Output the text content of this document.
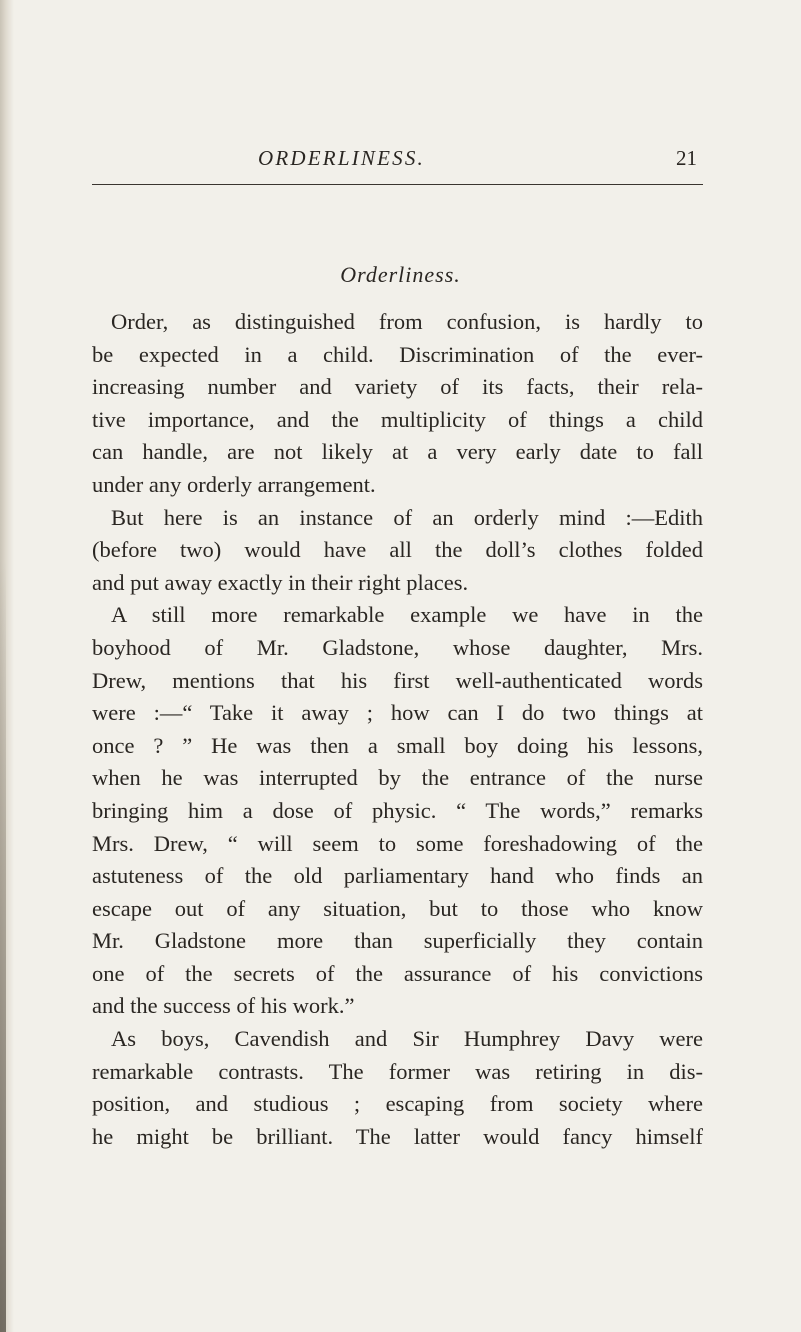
ORDERLINESS.	21
Orderliness.
Order, as distinguished from confusion, is hardly to
be expected in a child. Discrimination of the ever-
increasing number and variety of its facts, their rela-
tive importance, and the multiplicity of things a child
can handle, are not likely at a very early date to fall
under any orderly arrangement.
But here is an instance of an orderly mind :—Edith
(before two) would have all the doll’s clothes folded
and put away exactly in their right places.
A still more remarkable example we have in the
boyhood of Mr. Gladstone, whose daughter, Mrs.
Drew, mentions that his first well-authenticated words
were :—“ Take it away ; how can I do two things at
once ? ” He was then a small boy doing his lessons,
when he was interrupted by the entrance of the nurse
bringing him a dose of physic. “ The words,” remarks
Mrs. Drew, “ will seem to some foreshadowing of the
astuteness of the old parliamentary hand who finds an
escape out of any situation, but to those who know
Mr. Gladstone more than superficially they contain
one of the secrets of the assurance of his convictions
and the success of his work.”
As boys, Cavendish and Sir Humphrey Davy were
remarkable contrasts. The former was retiring in dis-
position, and studious ; escaping from society where
he might be brilliant. The latter would fancy himself
